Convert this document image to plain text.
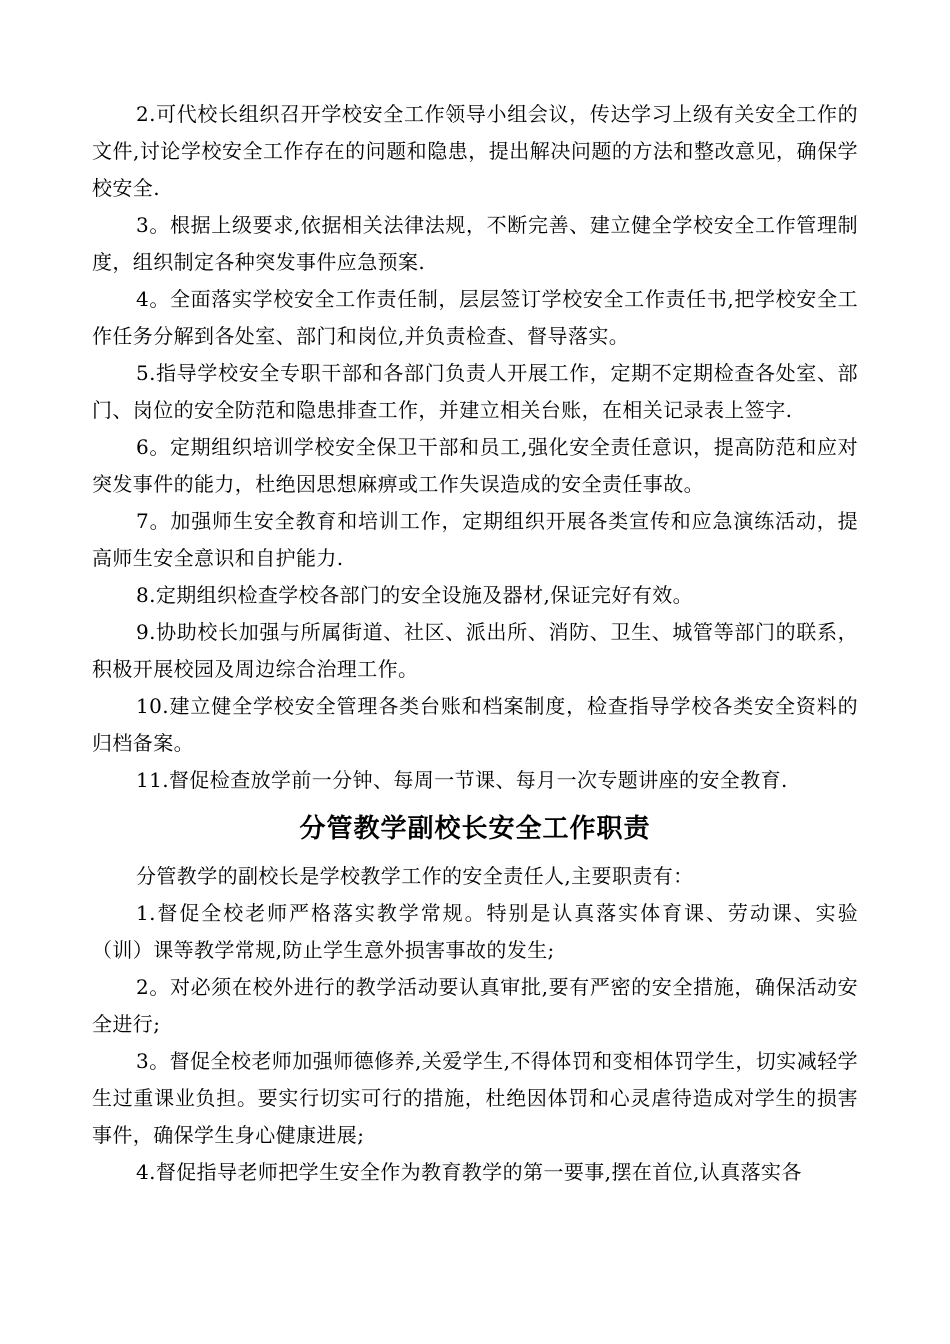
2.可代校长组织召开学校安全工作领导小组会议，传达学习上级有关安全工作的文件,讨论学校安全工作存在的问题和隐患，提出解决问题的方法和整改意见，确保学校安全.

3。根据上级要求,依据相关法律法规，不断完善、建立健全学校安全工作管理制度，组织制定各种突发事件应急预案.

4。全面落实学校安全工作责任制，层层签订学校安全工作责任书,把学校安全工作任务分解到各处室、部门和岗位,并负责检查、督导落实。

5.指导学校安全专职干部和各部门负责人开展工作，定期不定期检查各处室、部门、岗位的安全防范和隐患排查工作，并建立相关台账，在相关记录表上签字.

6。定期组织培训学校安全保卫干部和员工,强化安全责任意识，提高防范和应对突发事件的能力，杜绝因思想麻痹或工作失误造成的安全责任事故。

7。加强师生安全教育和培训工作，定期组织开展各类宣传和应急演练活动，提高师生安全意识和自护能力.

8.定期组织检查学校各部门的安全设施及器材,保证完好有效。

9.协助校长加强与所属街道、社区、派出所、消防、卫生、城管等部门的联系，积极开展校园及周边综合治理工作。

10.建立健全学校安全管理各类台账和档案制度，检查指导学校各类安全资料的归档备案。

11.督促检查放学前一分钟、每周一节课、每月一次专题讲座的安全教育.

分管教学副校长安全工作职责

分管教学的副校长是学校教学工作的安全责任人,主要职责有：

1.督促全校老师严格落实教学常规。特别是认真落实体育课、劳动课、实验（训）课等教学常规,防止学生意外损害事故的发生;

2。对必须在校外进行的教学活动要认真审批,要有严密的安全措施，确保活动安全进行;

3。督促全校老师加强师德修养,关爱学生,不得体罚和变相体罚学生，切实减轻学生过重课业负担。要实行切实可行的措施，杜绝因体罚和心灵虐待造成对学生的损害事件，确保学生身心健康进展;

4.督促指导老师把学生安全作为教育教学的第一要事,摆在首位,认真落实各
